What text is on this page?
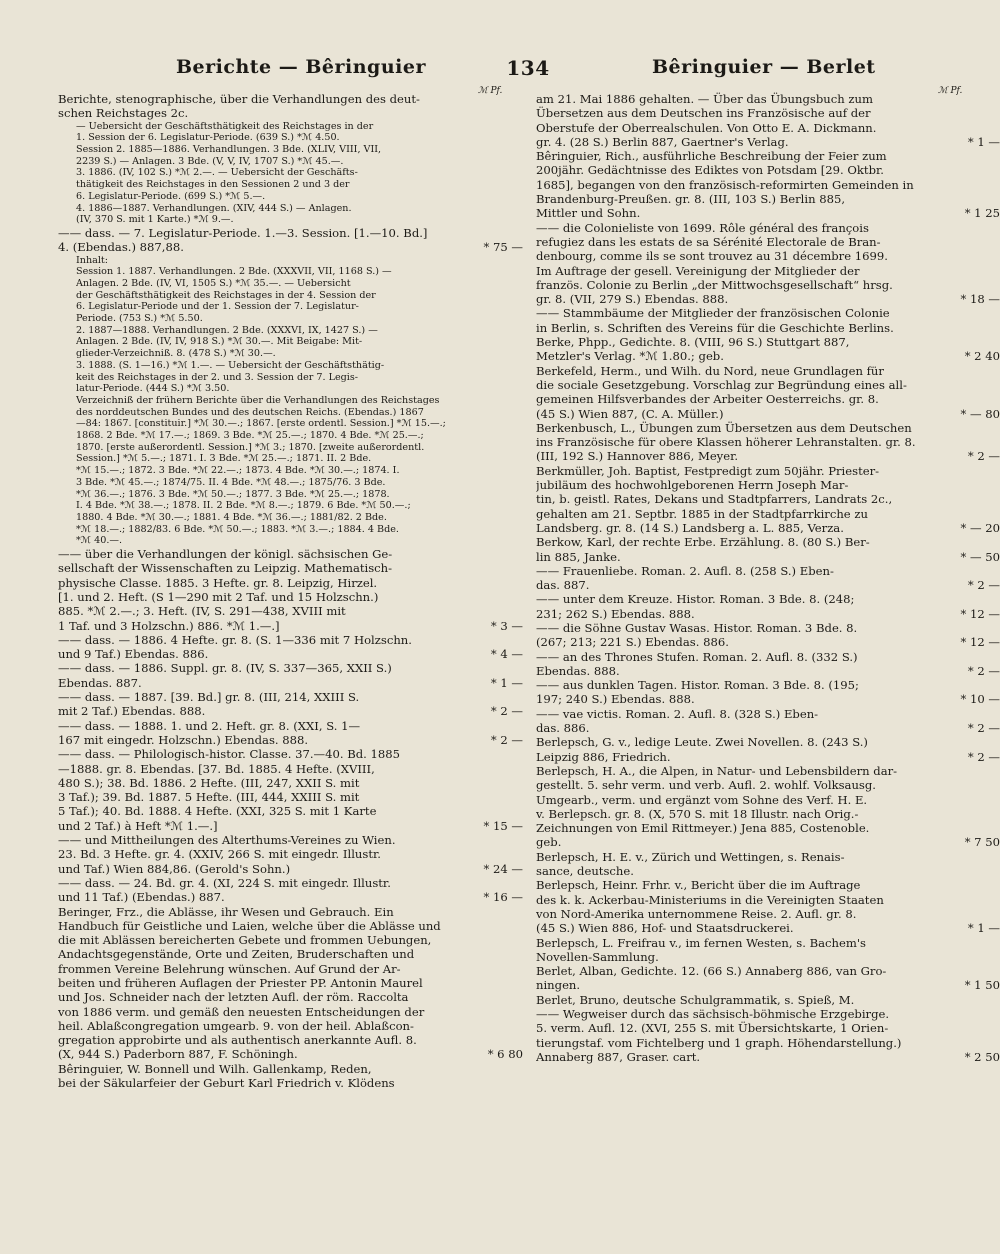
Berichte — Bêringuier	134	Bêringuier — Berlet
ℳ Pf.	ℳ Pf.
Berichte, stenographische, über die Verhandlungen des deut-
schen Reichstages 2c.
— Uebersicht der Geschäftsthätigkeit des Reichstages in der
1. Session der 6. Legislatur-Periode. (639 S.) *ℳ 4.50.
Session 2. 1885—1886. Verhandlungen. 3 Bde. (XLIV, VIII, VII,
2239 S.) — Anlagen. 3 Bde. (V, V, IV, 1707 S.) *ℳ 45.—.
3. 1886. (IV, 102 S.) *ℳ 2.—. — Uebersicht der Geschäfts-
thätigkeit des Reichstages in den Sessionen 2 und 3 der
6. Legislatur-Periode. (699 S.) *ℳ 5.—.
4. 1886—1887. Verhandlungen. (XIV, 444 S.) — Anlagen.
(IV, 370 S. mit 1 Karte.) *ℳ 9.—.
—— dass. — 7. Legislatur-Periode. 1.—3. Session. [1.—10. Bd.]
4. (Ebendas.) 887,88.	* 75 —
Inhalt:
Session 1. 1887. Verhandlungen. 2 Bde. (XXXVII, VII, 1168 S.) —
Anlagen. 2 Bde. (IV, VI, 1505 S.) *ℳ 35.—. — Uebersicht
der Geschäftsthätigkeit des Reichstages in der 4. Session der
6. Legislatur-Periode und der 1. Session der 7. Legislatur-
Periode. (753 S.) *ℳ 5.50.
2. 1887—1888. Verhandlungen. 2 Bde. (XXXVI, IX, 1427 S.) —
Anlagen. 2 Bde. (IV, IV, 918 S.) *ℳ 30.—. Mit Beigabe: Mit-
glieder-Verzeichniß. 8. (478 S.) *ℳ 30.—.
3. 1888. (S. 1—16.) *ℳ 1.—. — Uebersicht der Geschäftsthätig-
keit des Reichstages in der 2. und 3. Session der 7. Legis-
latur-Periode. (444 S.) *ℳ 3.50.
Verzeichniß der frühern Berichte über die Verhandlungen des Reichstages
des norddeutschen Bundes und des deutschen Reichs. (Ebendas.) 1867
—84: 1867. [constituir.] *ℳ 30.—.; 1867. [erste ordentl. Session.] *ℳ 15.—.;
1868. 2 Bde. *ℳ 17.—.; 1869. 3 Bde. *ℳ 25.—.; 1870. 4 Bde. *ℳ 25.—.;
1870. [erste außerordentl. Session.] *ℳ 3.; 1870. [zweite außerordentl.
Session.] *ℳ 5.—.; 1871. I. 3 Bde. *ℳ 25.—.; 1871. II. 2 Bde.
*ℳ 15.—.; 1872. 3 Bde. *ℳ 22.—.; 1873. 4 Bde. *ℳ 30.—.; 1874. I.
3 Bde. *ℳ 45.—.; 1874/75. II. 4 Bde. *ℳ 48.—.; 1875/76. 3 Bde.
*ℳ 36.—.; 1876. 3 Bde. *ℳ 50.—.; 1877. 3 Bde. *ℳ 25.—.; 1878.
I. 4 Bde. *ℳ 38.—.; 1878. II. 2 Bde. *ℳ 8.—.; 1879. 6 Bde. *ℳ 50.—.;
1880. 4 Bde. *ℳ 30.—.; 1881. 4 Bde. *ℳ 36.—.; 1881/82. 2 Bde.
*ℳ 18.—.; 1882/83. 6 Bde. *ℳ 50.—.; 1883. *ℳ 3.—.; 1884. 4 Bde.
*ℳ 40.—.
—— über die Verhandlungen der königl. sächsischen Ge-
sellschaft der Wissenschaften zu Leipzig. Mathematisch-
physische Classe. 1885. 3 Hefte. gr. 8. Leipzig, Hirzel.
[1. und 2. Heft. (S 1—290 mit 2 Taf. und 15 Holzschn.)
885. *ℳ 2.—.; 3. Heft. (IV, S. 291—438, XVIII mit
1 Taf. und 3 Holzschn.) 886. *ℳ 1.—.]	* 3 —
—— dass. — 1886. 4 Hefte. gr. 8. (S. 1—336 mit 7 Holzschn.
und 9 Taf.) Ebendas. 886.	* 4 —
—— dass. — 1886. Suppl. gr. 8. (IV, S. 337—365, XXII S.)
Ebendas. 887.	* 1 —
—— dass. — 1887. [39. Bd.] gr. 8. (III, 214, XXIII S.
mit 2 Taf.) Ebendas. 888.	* 2 —
—— dass. — 1888. 1. und 2. Heft. gr. 8. (XXI, S. 1—
167 mit eingedr. Holzschn.) Ebendas. 888.	* 2 —
—— dass. — Philologisch-histor. Classe. 37.—40. Bd. 1885
—1888. gr. 8. Ebendas. [37. Bd. 1885. 4 Hefte. (XVIII,
480 S.); 38. Bd. 1886. 2 Hefte. (III, 247, XXII S. mit
3 Taf.); 39. Bd. 1887. 5 Hefte. (III, 444, XXIII S. mit
5 Taf.); 40. Bd. 1888. 4 Hefte. (XXI, 325 S. mit 1 Karte
und 2 Taf.) à Heft *ℳ 1.—.]	* 15 —
—— und Mittheilungen des Alterthums-Vereines zu Wien.
23. Bd. 3 Hefte. gr. 4. (XXIV, 266 S. mit eingedr. Illustr.
und Taf.) Wien 884,86. (Gerold's Sohn.)	* 24 —
—— dass. — 24. Bd. gr. 4. (XI, 224 S. mit eingedr. Illustr.
und 11 Taf.) (Ebendas.) 887.	* 16 —
Beringer, Frz., die Ablässe, ihr Wesen und Gebrauch. Ein
Handbuch für Geistliche und Laien, welche über die Ablässe und
die mit Ablässen bereicherten Gebete und frommen Uebungen,
Andachtsgegenstände, Orte und Zeiten, Bruderschaften und
frommen Vereine Belehrung wünschen. Auf Grund der Ar-
beiten und früheren Auflagen der Priester PP. Antonin Maurel
und Jos. Schneider nach der letzten Aufl. der röm. Raccolta
von 1886 verm. und gemäß den neuesten Entscheidungen der
heil. Ablaßcongregation umgearb. 9. von der heil. Ablaßcon-
gregation approbirte und als authentisch anerkannte Aufl. 8.
(X, 944 S.) Paderborn 887, F. Schöningh.	* 6 80
Bêringuier, W. Bonnell und Wilh. Gallenkamp, Reden,
bei der Säkularfeier der Geburt Karl Friedrich v. Klödens
am 21. Mai 1886 gehalten. — Über das Übungsbuch zum
Übersetzen aus dem Deutschen ins Französische auf der
Oberstufe der Oberrealschulen. Von Otto E. A. Dickmann.
gr. 4. (28 S.) Berlin 887, Gaertner's Verlag.	* 1 —
Bêringuier, Rich., ausführliche Beschreibung der Feier zum
200jähr. Gedächtnisse des Ediktes von Potsdam [29. Oktbr.
1685], begangen von den französisch-reformirten Gemeinden in
Brandenburg-Preußen. gr. 8. (III, 103 S.) Berlin 885,
Mittler und Sohn.	* 1 25
—— die Colonieliste von 1699. Rôle général des françois
refugiez dans les estats de sa Sérénité Electorale de Bran-
denbourg, comme ils se sont trouvez au 31 décembre 1699.
Im Auftrage der gesell. Vereinigung der Mitglieder der
französ. Colonie zu Berlin „der Mittwochsgesellschaft“ hrsg.
gr. 8. (VII, 279 S.) Ebendas. 888.	* 18 —
—— Stammbäume der Mitglieder der französischen Colonie
in Berlin, s. Schriften des Vereins für die Geschichte Berlins.
Berke, Phpp., Gedichte. 8. (VIII, 96 S.) Stuttgart 887,
Metzler's Verlag. *ℳ 1.80.; geb.	* 2 40
Berkefeld, Herm., und Wilh. du Nord, neue Grundlagen für
die sociale Gesetzgebung. Vorschlag zur Begründung eines all-
gemeinen Hilfsverbandes der Arbeiter Oesterreichs. gr. 8.
(45 S.) Wien 887, (C. A. Müller.)	* — 80
Berkenbusch, L., Übungen zum Übersetzen aus dem Deutschen
ins Französische für obere Klassen höherer Lehranstalten. gr. 8.
(III, 192 S.) Hannover 886, Meyer.	* 2 —
Berkmüller, Joh. Baptist, Festpredigt zum 50jähr. Priester-
jubiläum des hochwohlgeborenen Herrn Joseph Mar-
tin, b. geistl. Rates, Dekans und Stadtpfarrers, Landrats 2c.,
gehalten am 21. Septbr. 1885 in der Stadtpfarrkirche zu
Landsberg. gr. 8. (14 S.) Landsberg a. L. 885, Verza.	* — 20
Berkow, Karl, der rechte Erbe. Erzählung. 8. (80 S.) Ber-
lin 885, Janke.	* — 50
—— Frauenliebe. Roman. 2. Aufl. 8. (258 S.) Eben-
das. 887.	* 2 —
—— unter dem Kreuze. Histor. Roman. 3 Bde. 8. (248;
231; 262 S.) Ebendas. 888.	* 12 —
—— die Söhne Gustav Wasas. Histor. Roman. 3 Bde. 8.
(267; 213; 221 S.) Ebendas. 886.	* 12 —
—— an des Thrones Stufen. Roman. 2. Aufl. 8. (332 S.)
Ebendas. 888.	* 2 —
—— aus dunklen Tagen. Histor. Roman. 3 Bde. 8. (195;
197; 240 S.) Ebendas. 888.	* 10 —
—— vae victis. Roman. 2. Aufl. 8. (328 S.) Eben-
das. 886.	* 2 —
Berlepsch, G. v., ledige Leute. Zwei Novellen. 8. (243 S.)
Leipzig 886, Friedrich.	* 2 —
Berlepsch, H. A., die Alpen, in Natur- und Lebensbildern dar-
gestellt. 5. sehr verm. und verb. Aufl. 2. wohlf. Volksausg.
Umgearb., verm. und ergänzt vom Sohne des Verf. H. E.
v. Berlepsch. gr. 8. (X, 570 S. mit 18 Illustr. nach Orig.-
Zeichnungen von Emil Rittmeyer.) Jena 885, Costenoble.
geb.	* 7 50
Berlepsch, H. E. v., Zürich und Wettingen, s. Renais-
sance, deutsche.
Berlepsch, Heinr. Frhr. v., Bericht über die im Auftrage
des k. k. Ackerbau-Ministeriums in die Vereinigten Staaten
von Nord-Amerika unternommene Reise. 2. Aufl. gr. 8.
(45 S.) Wien 886, Hof- und Staatsdruckerei.	* 1 —
Berlepsch, L. Freifrau v., im fernen Westen, s. Bachem's
Novellen-Sammlung.
Berlet, Alban, Gedichte. 12. (66 S.) Annaberg 886, van Gro-
ningen.	* 1 50
Berlet, Bruno, deutsche Schulgrammatik, s. Spieß, M.
—— Wegweiser durch das sächsisch-böhmische Erzgebirge.
5. verm. Aufl. 12. (XVI, 255 S. mit Übersichtskarte, 1 Orien-
tierungstaf. vom Fichtelberg und 1 graph. Höhendarstellung.)
Annaberg 887, Graser. cart.	* 2 50
